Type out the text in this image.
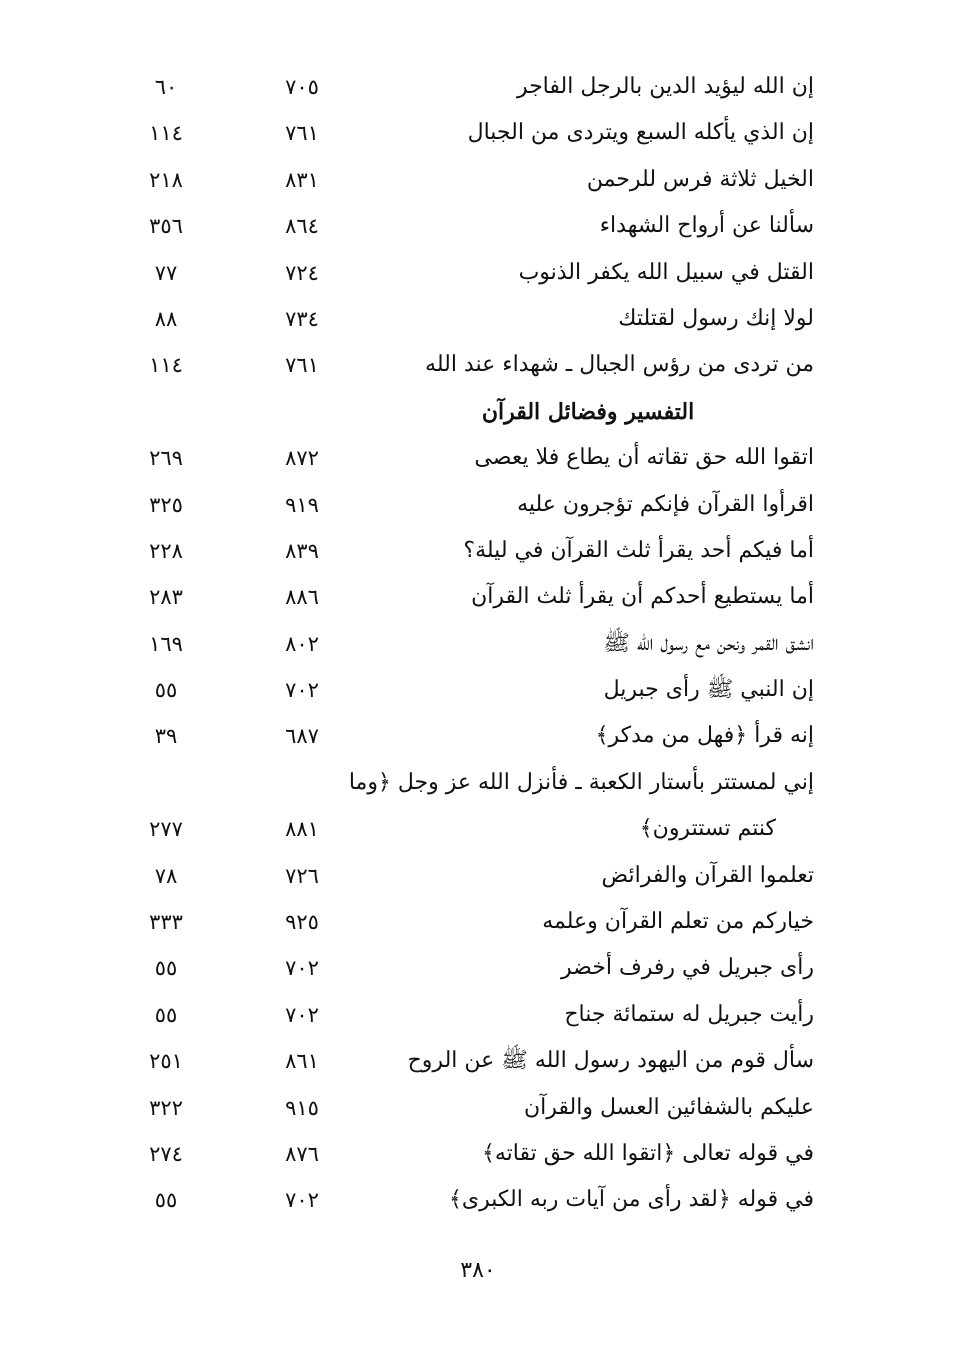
إن الله ليؤيد الدين بالرجل الفاجر
٧٠٥
٦٠
إن الذي يأكله السبع ويتردى من الجبال
٧٦١
١١٤
الخيل ثلاثة فرس للرحمن
٨٣١
٢١٨
سألنا عن أرواح الشهداء
٨٦٤
٣٥٦
القتل في سبيل الله يكفر الذنوب
٧٢٤
٧٧
لولا إنك رسول لقتلتك
٧٣٤
٨٨
من تردى من رؤس الجبال ـ شهداء عند الله
٧٦١
١١٤
التفسير وفضائل القرآن
اتقوا الله حق تقاته أن يطاع فلا يعصى
٨٧٢
٢٦٩
اقرأوا القرآن فإنكم تؤجرون عليه
٩١٩
٣٢٥
أما فيكم أحد يقرأ ثلث القرآن في ليلة؟
٨٣٩
٢٢٨
أما يستطيع أحدكم أن يقرأ ثلث القرآن
٨٨٦
٢٨٣
انشق القمر ونحن مع رسول الله ﷺ
٨٠٢
١٦٩
إن النبي ﷺ رأى جبريل
٧٠٢
٥٥
إنه قرأ ﴿فهل من مدكر﴾
٦٨٧
٣٩
إني لمستتر بأستار الكعبة ـ فأنزل الله عز وجل ﴿وما
كنتم تستترون﴾
٨٨١
٢٧٧
تعلموا القرآن والفرائض
٧٢٦
٧٨
خياركم من تعلم القرآن وعلمه
٩٢٥
٣٣٣
رأى جبريل في رفرف أخضر
٧٠٢
٥٥
رأيت جبريل له ستمائة جناح
٧٠٢
٥٥
سأل قوم من اليهود رسول الله ﷺ عن الروح
٨٦١
٢٥١
عليكم بالشفائين العسل والقرآن
٩١٥
٣٢٢
في قوله تعالى ﴿اتقوا الله حق تقاته﴾
٨٧٦
٢٧٤
في قوله ﴿لقد رأى من آيات ربه الكبرى﴾
٧٠٢
٥٥
٣٨٠
